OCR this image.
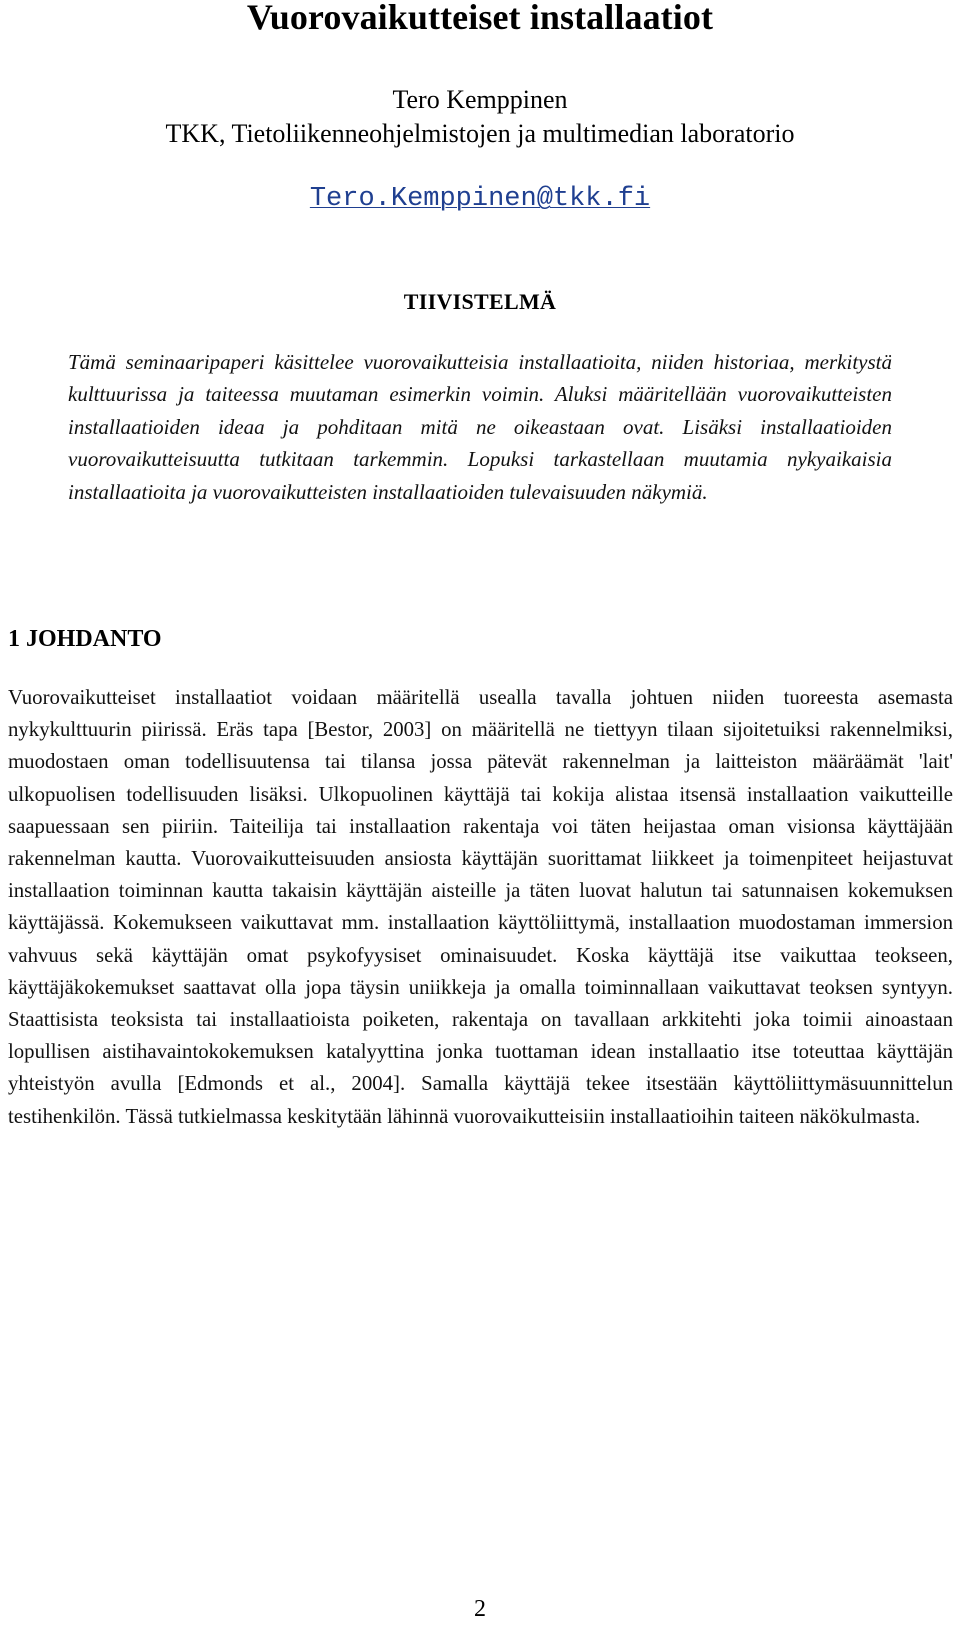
Vuorovaikutteiset installaatiot
Tero Kemppinen
TKK, Tietoliikenneohjelmistojen ja multimedian laboratorio
Tero.Kemppinen@tkk.fi
TIIVISTELMÄ
Tämä seminaaripaperi käsittelee vuorovaikutteisia installaatioita, niiden historiaa, merkitystä kulttuurissa ja taiteessa muutaman esimerkin voimin. Aluksi määritellään vuorovaikutteisten installaatioiden ideaa ja pohditaan mitä ne oikeastaan ovat. Lisäksi installaatioiden vuorovaikutteisuutta tutkitaan tarkemmin. Lopuksi tarkastellaan muutamia nykyaikaisia installaatioita ja vuorovaikutteisten installaatioiden tulevaisuuden näkymiä.
1 JOHDANTO
Vuorovaikutteiset installaatiot voidaan määritellä usealla tavalla johtuen niiden tuoreesta asemasta nykykulttuurin piirissä. Eräs tapa [Bestor, 2003] on määritellä ne tiettyyn tilaan sijoitetuiksi rakennelmiksi, muodostaen oman todellisuutensa tai tilansa jossa pätevät rakennelman ja laitteiston määräämät 'lait' ulkopuolisen todellisuuden lisäksi. Ulkopuolinen käyttäjä tai kokija alistaa itsensä installaation vaikutteille saapuessaan sen piiriin. Taiteilija tai installaation rakentaja voi täten heijastaa oman visionsa käyttäjään rakennelman kautta. Vuorovaikutteisuuden ansiosta käyttäjän suorittamat liikkeet ja toimenpiteet heijastuvat installaation toiminnan kautta takaisin käyttäjän aisteille ja täten luovat halutun tai satunnaisen kokemuksen käyttäjässä. Kokemukseen vaikuttavat mm. installaation käyttöliittymä, installaation muodostaman immersion vahvuus sekä käyttäjän omat psykofyysiset ominaisuudet. Koska käyttäjä itse vaikuttaa teokseen, käyttäjäkokemukset saattavat olla jopa täysin uniikkeja ja omalla toiminnallaan vaikuttavat teoksen syntyyn. Staattisista teoksista tai installaatioista poiketen, rakentaja on tavallaan arkkitehti joka toimii ainoastaan lopullisen aistihavaintokokemuksen katalyyttina jonka tuottaman idean installaatio itse toteuttaa käyttäjän yhteistyön avulla [Edmonds et al., 2004]. Samalla käyttäjä tekee itsestään käyttöliittymäsuunnittelun testihenkilön. Tässä tutkielmassa keskitytään lähinnä vuorovaikutteisiin installaatioihin taiteen näkökulmasta.
2
